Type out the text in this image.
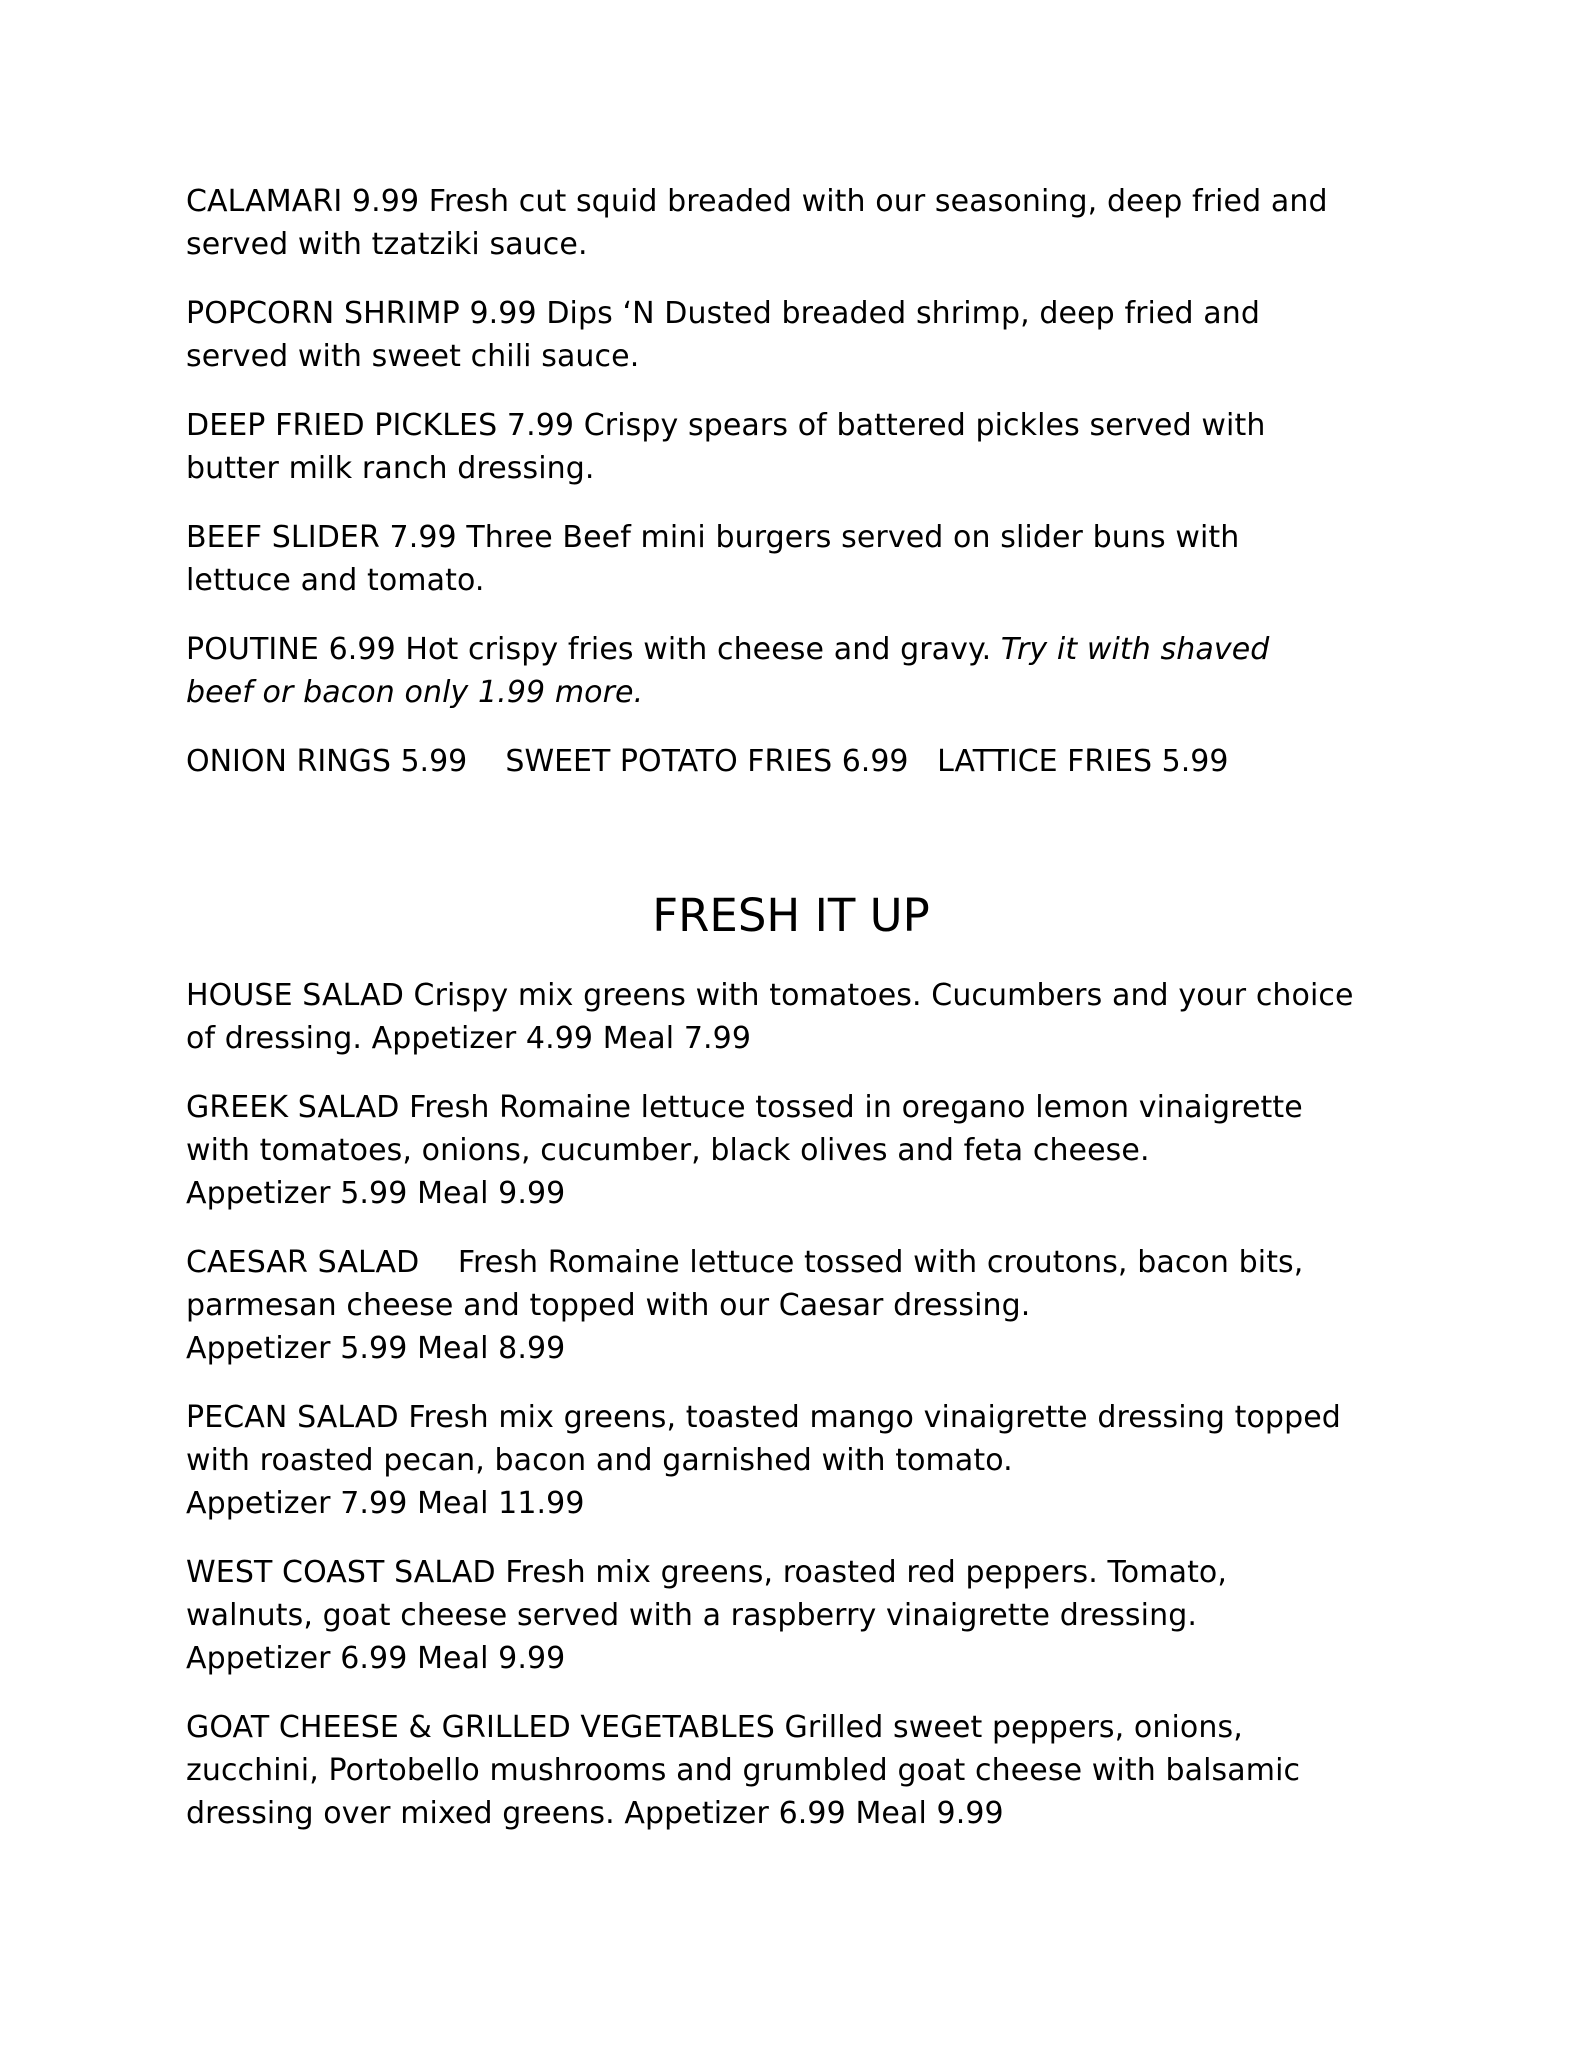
CALAMARI 9.99 Fresh cut squid breaded with our seasoning, deep fried and
served with tzatziki sauce.

POPCORN SHRIMP 9.99 Dips ‘N Dusted breaded shrimp, deep fried and
served with sweet chili sauce.

DEEP FRIED PICKLES 7.99 Crispy spears of battered pickles served with
butter milk ranch dressing.

BEEF SLIDER 7.99 Three Beef mini burgers served on slider buns with
lettuce and tomato.

POUTINE 6.99 Hot crispy fries with cheese and gravy. Try it with shaved
beef or bacon only 1.99 more.

ONION RINGS 5.99    SWEET POTATO FRIES 6.99   LATTICE FRIES 5.99

FRESH IT UP

HOUSE SALAD Crispy mix greens with tomatoes. Cucumbers and your choice
of dressing. Appetizer 4.99 Meal 7.99

GREEK SALAD Fresh Romaine lettuce tossed in oregano lemon vinaigrette
with tomatoes, onions, cucumber, black olives and feta cheese.
Appetizer 5.99 Meal 9.99

CAESAR SALAD    Fresh Romaine lettuce tossed with croutons, bacon bits,
parmesan cheese and topped with our Caesar dressing.
Appetizer 5.99 Meal 8.99

PECAN SALAD Fresh mix greens, toasted mango vinaigrette dressing topped
with roasted pecan, bacon and garnished with tomato.
Appetizer 7.99 Meal 11.99

WEST COAST SALAD Fresh mix greens, roasted red peppers. Tomato,
walnuts, goat cheese served with a raspberry vinaigrette dressing.
Appetizer 6.99 Meal 9.99

GOAT CHEESE & GRILLED VEGETABLES Grilled sweet peppers, onions,
zucchini, Portobello mushrooms and grumbled goat cheese with balsamic
dressing over mixed greens. Appetizer 6.99 Meal 9.99
